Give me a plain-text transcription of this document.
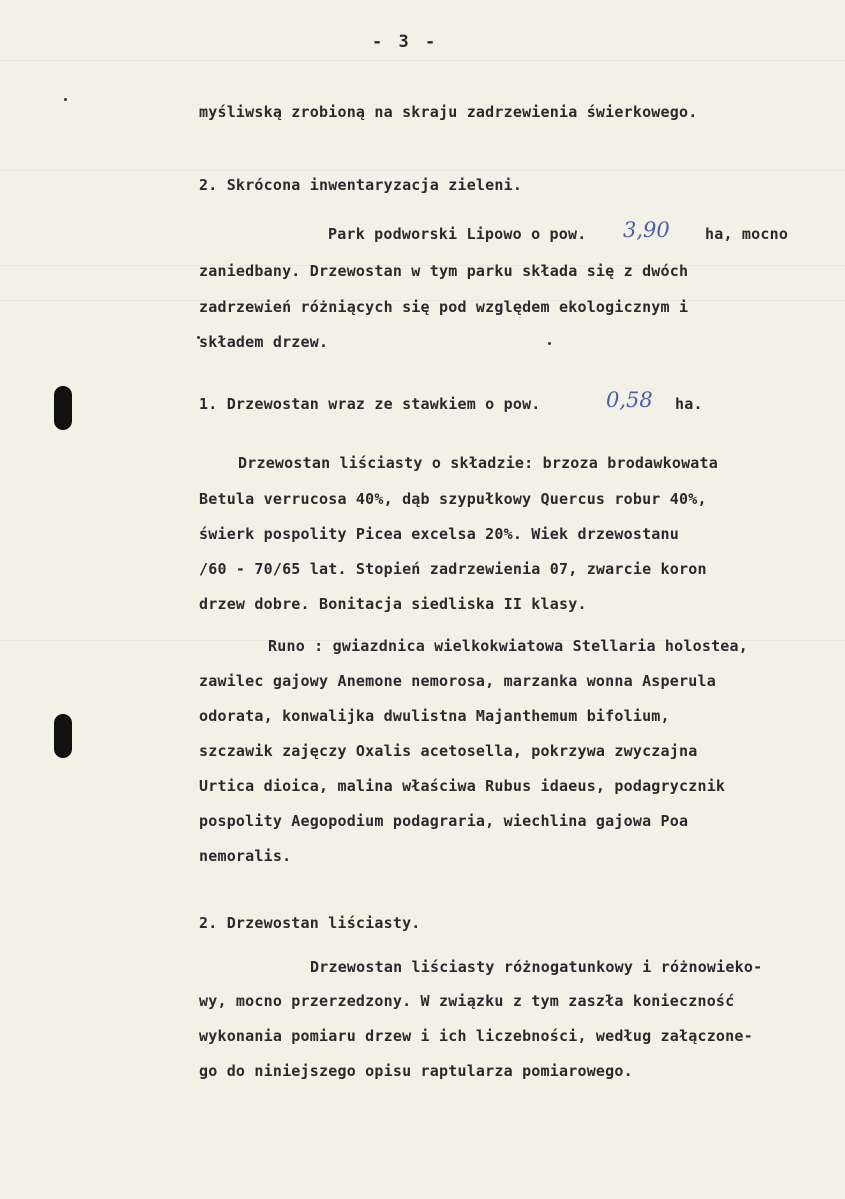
- 3 -
myśliwską zrobioną na skraju zadrzewienia świerkowego.
2. Skrócona inwentaryzacja zieleni.
Park podworski Lipowo o pow. 3,90 ha, mocno
zaniedbany. Drzewostan w tym parku składa się z dwóch
zadrzewień różniących się pod względem ekologicznym i
składem drzew.
1. Drzewostan wraz ze stawkiem o pow.	0,58 ha.
Drzewostan liściasty o składzie: brzoza brodawkowata
Betula verrucosa 40%, dąb szypułkowy Quercus robur 40%,
świerk pospolity Picea excelsa 20%. Wiek drzewostanu
/60 - 70/65 lat. Stopień zadrzewienia 07, zwarcie koron
drzew dobre. Bonitacja siedliska II klasy.
Runo : gwiazdnica wielkokwiatowa Stellaria holostea,
zawilec gajowy Anemone nemorosa, marzanka wonna Asperula
odorata, konwalijka dwulistna Majanthemum bifolium,
szczawik zajęczy Oxalis acetosella, pokrzywa zwyczajna
Urtica dioica, malina właściwa Rubus idaeus, podagrycznik
pospolity Aegopodium podagraria, wiechlina gajowa Poa
nemoralis.
2. Drzewostan liściasty.
Drzewostan liściasty różnogatunkowy i różnowieko-
wy, mocno przerzedzony. W związku z tym zaszła konieczność
wykonania pomiaru drzew i ich liczebności, według załączone-
go do niniejszego opisu raptularza pomiarowego.
